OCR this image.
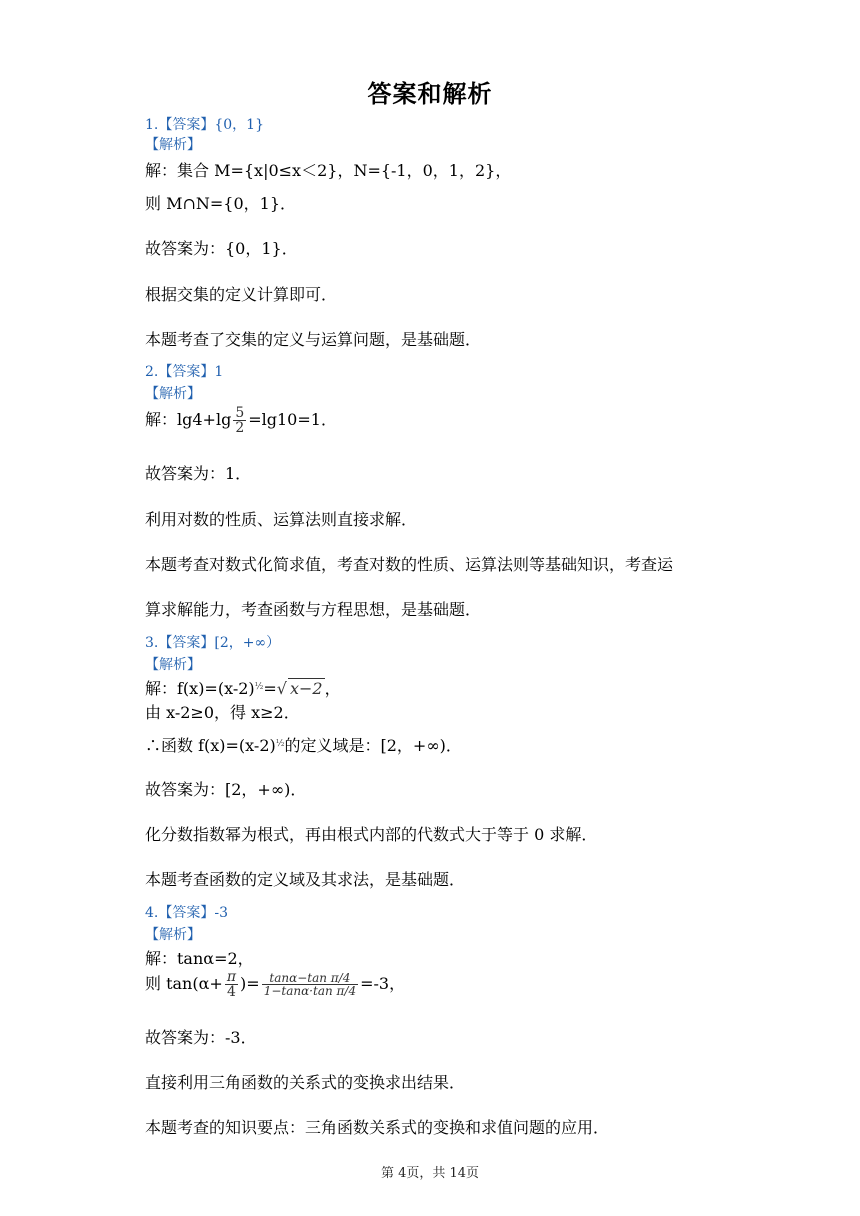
答案和解析
1.【答案】{0，1}
【解析】
解：集合 M={x|0≤x＜2}，N={-1，0，1，2}，
则 M∩N={0，1}．
故答案为：{0，1}．
根据交集的定义计算即可．
本题考查了交集的定义与运算问题，是基础题．
2.【答案】1
【解析】
解：$\lg 4+\lg \frac{5}{2} =\lg 10=1$．
故答案为：1．
利用对数的性质、运算法则直接求解．
本题考查对数式化简求值，考查对数的性质、运算法则等基础知识，考查运
算求解能力，考查函数与方程思想，是基础题．
3.【答案】[2，+∞）
【解析】
解：$f(x)=(x-2)^{\frac{1}{2}}=√$ x−2 ，
由 x-2≥0，得 x≥2．
∴函数 $f(x)=(x-2)^{\frac{1}{2}}$的定义域是：[2，+∞)．
故答案为：[2，+∞)．
化分数指数幂为根式，再由根式内部的代数式大于等于 0 求解．
本题考查函数的定义域及其求法，是基础题．
4.【答案】-3
【解析】
解：tanα=2，
则 $\tan(\alpha+ \frac{\pi}{4}$ )= $\frac{\text{tanα−tan π/4}}{\text{1−tanα·tan π/4}} =-3$，
故答案为：-3．
直接利用三角函数的关系式的变换求出结果．
本题考查的知识要点：三角函数关系式的变换和求值问题的应用．
第 4页，共 14页
